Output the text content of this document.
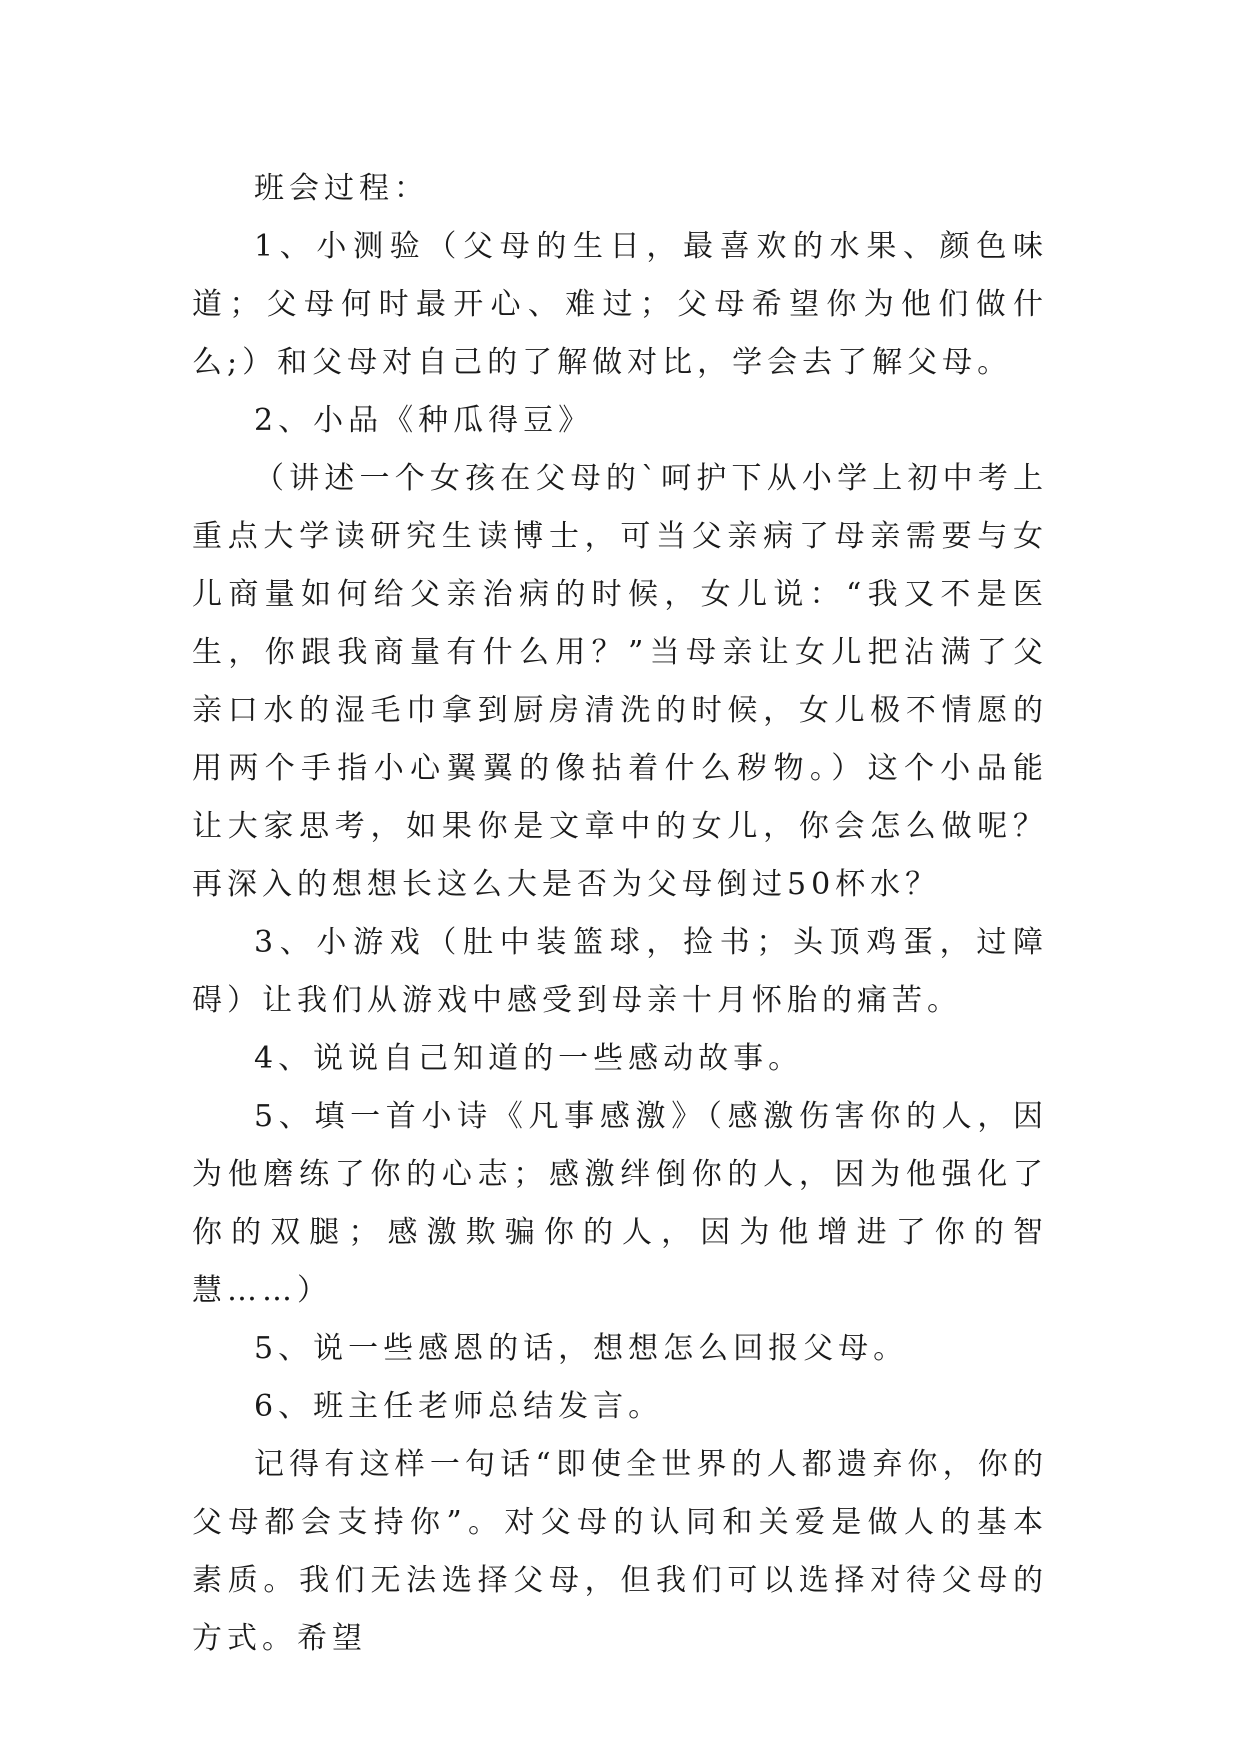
班会过程：

1、小测验（父母的生日，最喜欢的水果、颜色味道；父母何时最开心、难过；父母希望你为他们做什么;）和父母对自己的了解做对比，学会去了解父母。

2、小品《种瓜得豆》

（讲述一个女孩在父母的`呵护下从小学上初中考上重点大学读研究生读博士，可当父亲病了母亲需要与女儿商量如何给父亲治病的时候，女儿说：“我又不是医生，你跟我商量有什么用？”当母亲让女儿把沾满了父亲口水的湿毛巾拿到厨房清洗的时候，女儿极不情愿的用两个手指小心翼翼的像拈着什么秽物。）这个小品能让大家思考，如果你是文章中的女儿，你会怎么做呢？再深入的想想长这么大是否为父母倒过50杯水？

3、小游戏（肚中装篮球，捡书；头顶鸡蛋，过障碍）让我们从游戏中感受到母亲十月怀胎的痛苦。

4、说说自己知道的一些感动故事。

5、填一首小诗《凡事感激》（感激伤害你的人，因为他磨练了你的心志；感激绊倒你的人，因为他强化了你的双腿；感激欺骗你的人，因为他增进了你的智慧……）

5、说一些感恩的话，想想怎么回报父母。

6、班主任老师总结发言。

记得有这样一句话“即使全世界的人都遗弃你，你的父母都会支持你”。对父母的认同和关爱是做人的基本素质。我们无法选择父母，但我们可以选择对待父母的方式。希望
